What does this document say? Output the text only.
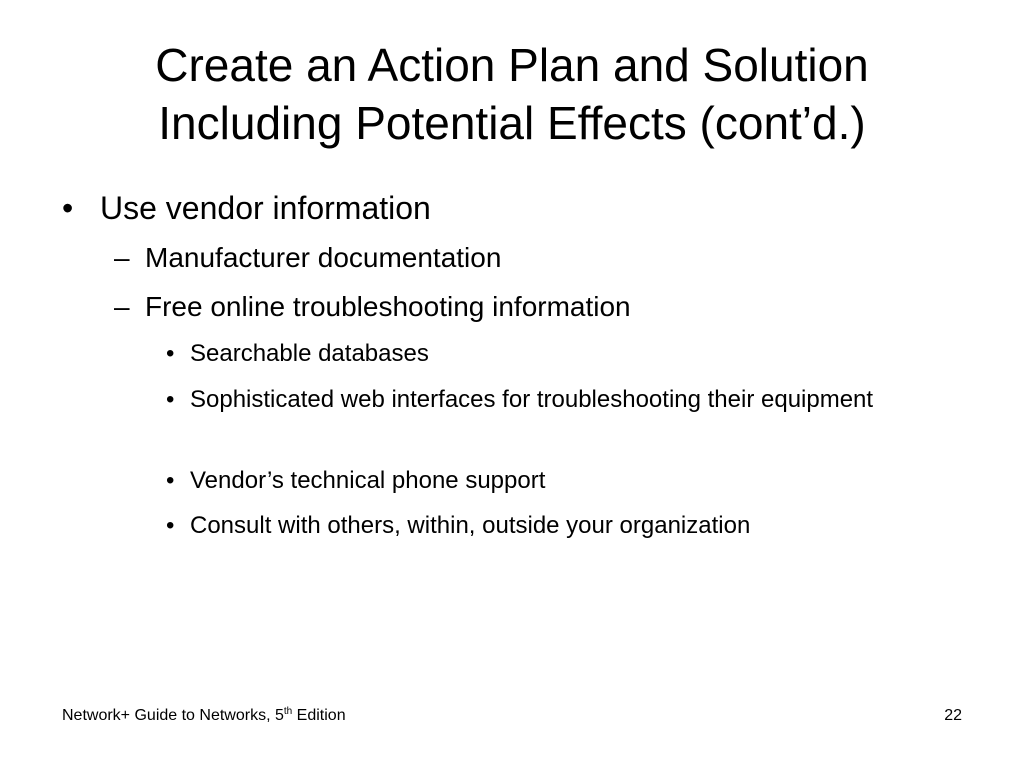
Create an Action Plan and Solution
Including Potential Effects (cont’d.)
• Use vendor information
– Manufacturer documentation
– Free online troubleshooting information
• Searchable databases
• Sophisticated web interfaces for troubleshooting their equipment
• Vendor’s technical phone support
• Consult with others, within, outside your organization
Network+ Guide to Networks, 5th Edition	22
